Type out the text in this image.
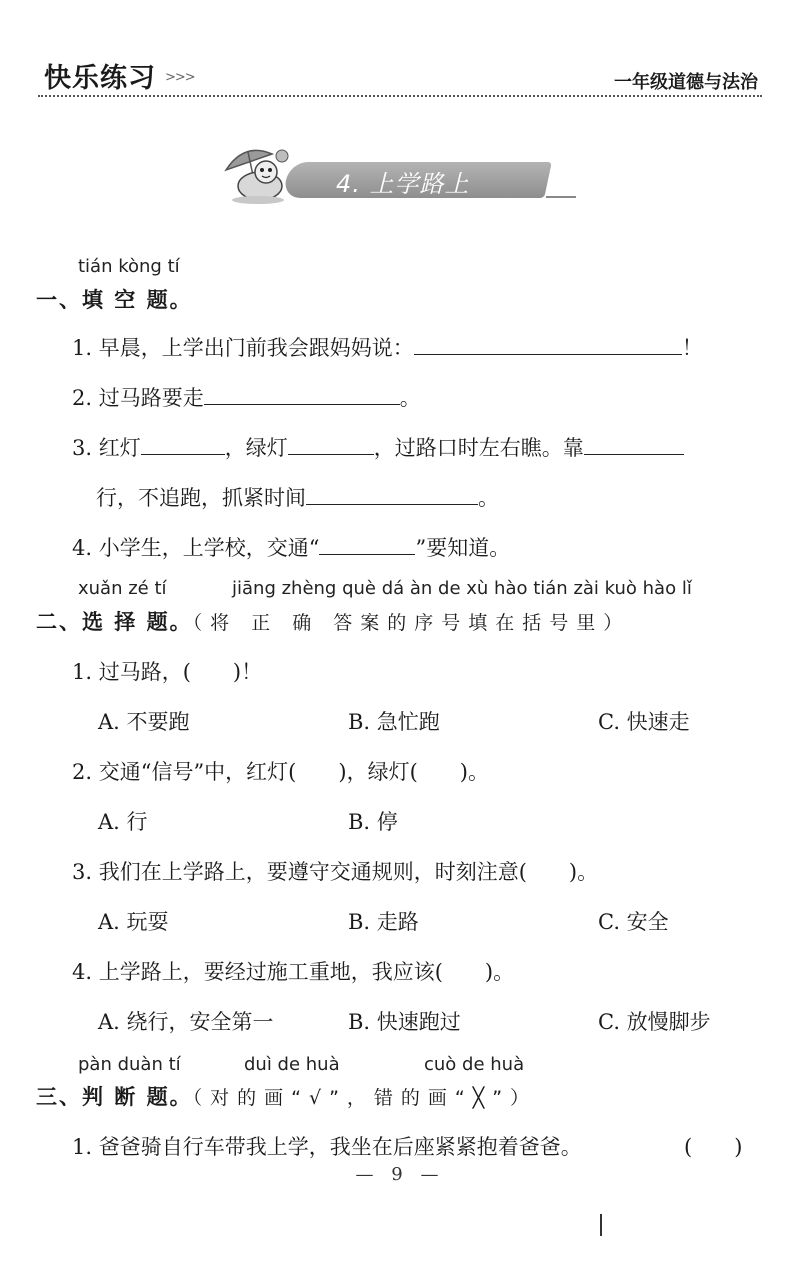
快乐练习 >>>	一年级道德与法治
4. 上学路上
tián kòng tí
一、填 空 题。
1. 早晨，上学出门前我会跟妈妈说：	！
2. 过马路要走	。
3. 红灯	，绿灯	，过路口时左右瞧。靠
行，不追跑，抓紧时间	。
4. 小学生，上学校，交通“	”要知道。
xuǎn zé tí	jiāng zhèng què dá àn de xù hào tián zài kuò hào lǐ
二、选 择 题。（将 正 确 答案的序号填在括号里）
1. 过马路，(　　)！
A. 不要跑	B. 急忙跑	C. 快速走
2. 交通“信号”中，红灯(　　)，绿灯(　　)。
A. 行	B. 停
3. 我们在上学路上，要遵守交通规则，时刻注意(　　)。
A. 玩耍	B. 走路	C. 安全
4. 上学路上，要经过施工重地，我应该(　　)。
A. 绕行，安全第一	B. 快速跑过	C. 放慢脚步
pàn duàn tí	duì de huà	cuò de huà
三、判 断 题。（对的画“√”，错的画“╳”）
1. 爸爸骑自行车带我上学，我坐在后座紧紧抱着爸爸。	(　　)
— 9 —
